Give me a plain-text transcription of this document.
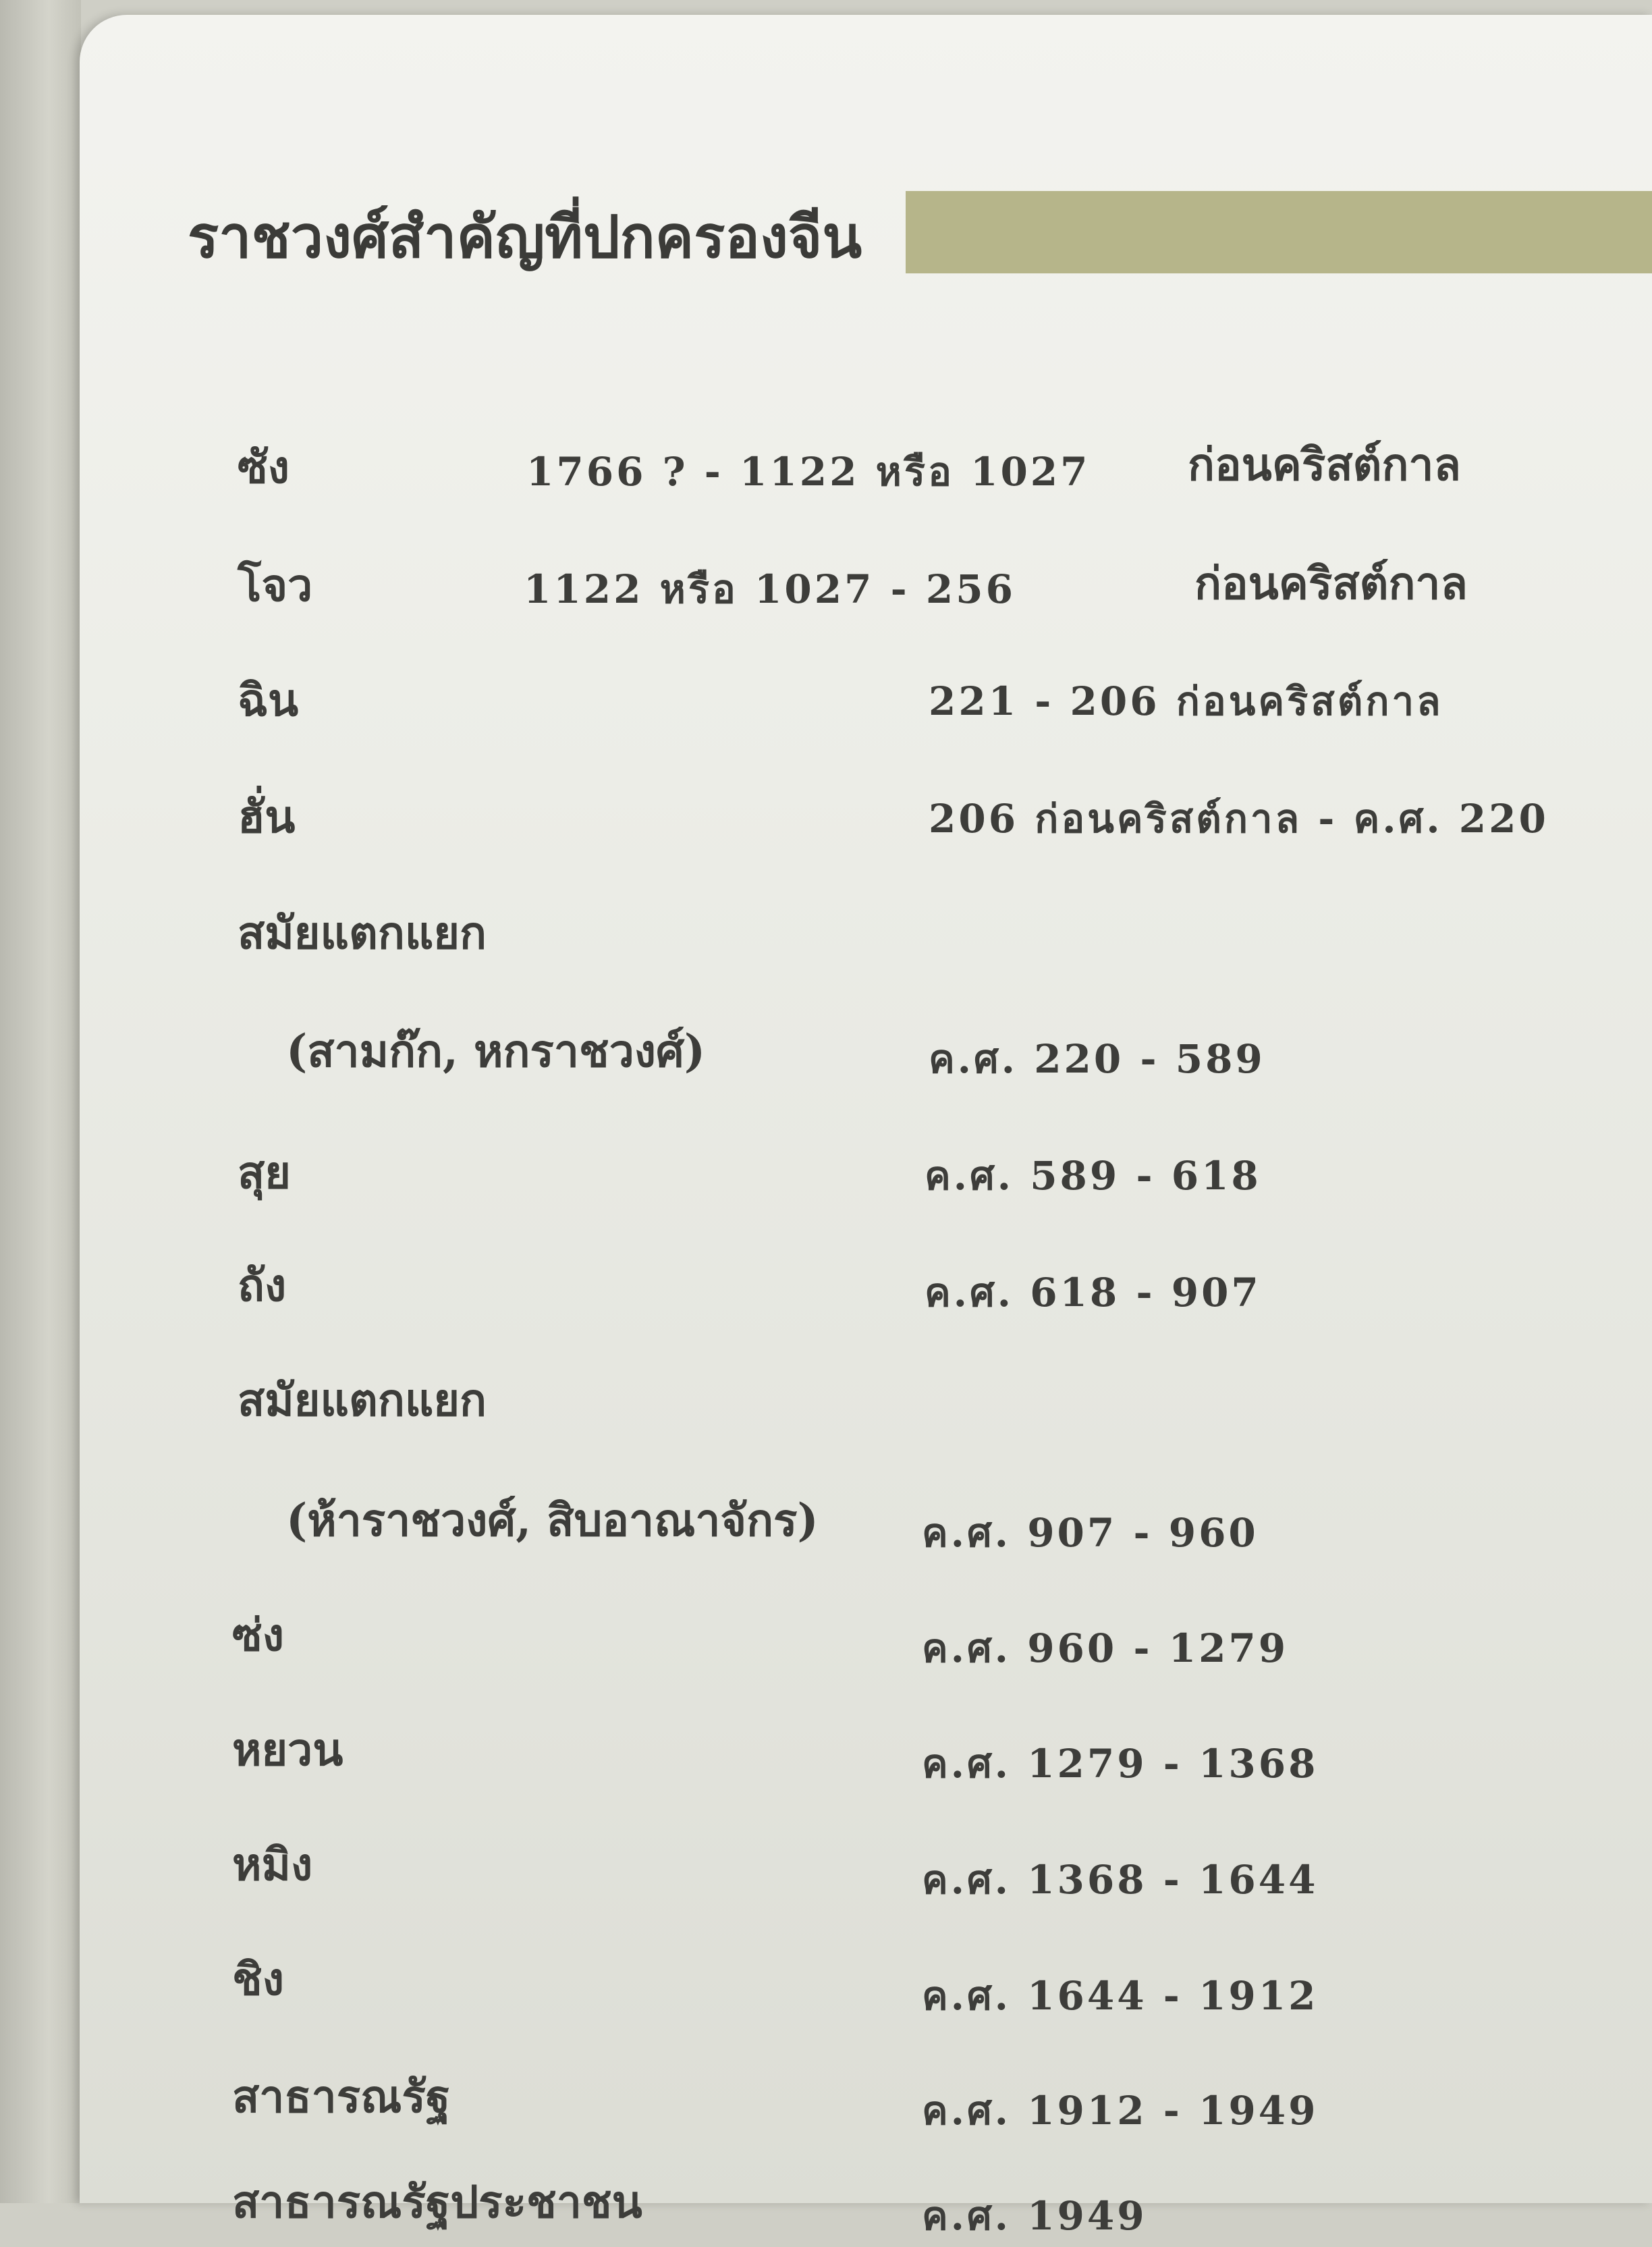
ราชวงศ์สำคัญที่ปกครองจีน
ซัง	1766 ? - 1122 หรือ 1027 ก่อนคริสต์กาล
โจว	1122 หรือ 1027 - 256	ก่อนคริสต์กาล
ฉิน	221 - 206 ก่อนคริสต์กาล
ฮั่น	206 ก่อนคริสต์กาล - ค.ศ. 220
สมัยแตกแยก
(สามก๊ก, หกราชวงศ์)	ค.ศ. 220 - 589
สุย	ค.ศ. 589 - 618
ถัง	ค.ศ. 618 - 907
สมัยแตกแยก
(ห้าราชวงศ์, สิบอาณาจักร)	ค.ศ. 907 - 960
ซ่ง	ค.ศ. 960 - 1279
หยวน	ค.ศ. 1279 - 1368
หมิง	ค.ศ. 1368 - 1644
ชิง	ค.ศ. 1644 - 1912
สาธารณรัฐ	ค.ศ. 1912 - 1949
สาธารณรัฐประชาชน	ค.ศ. 1949
